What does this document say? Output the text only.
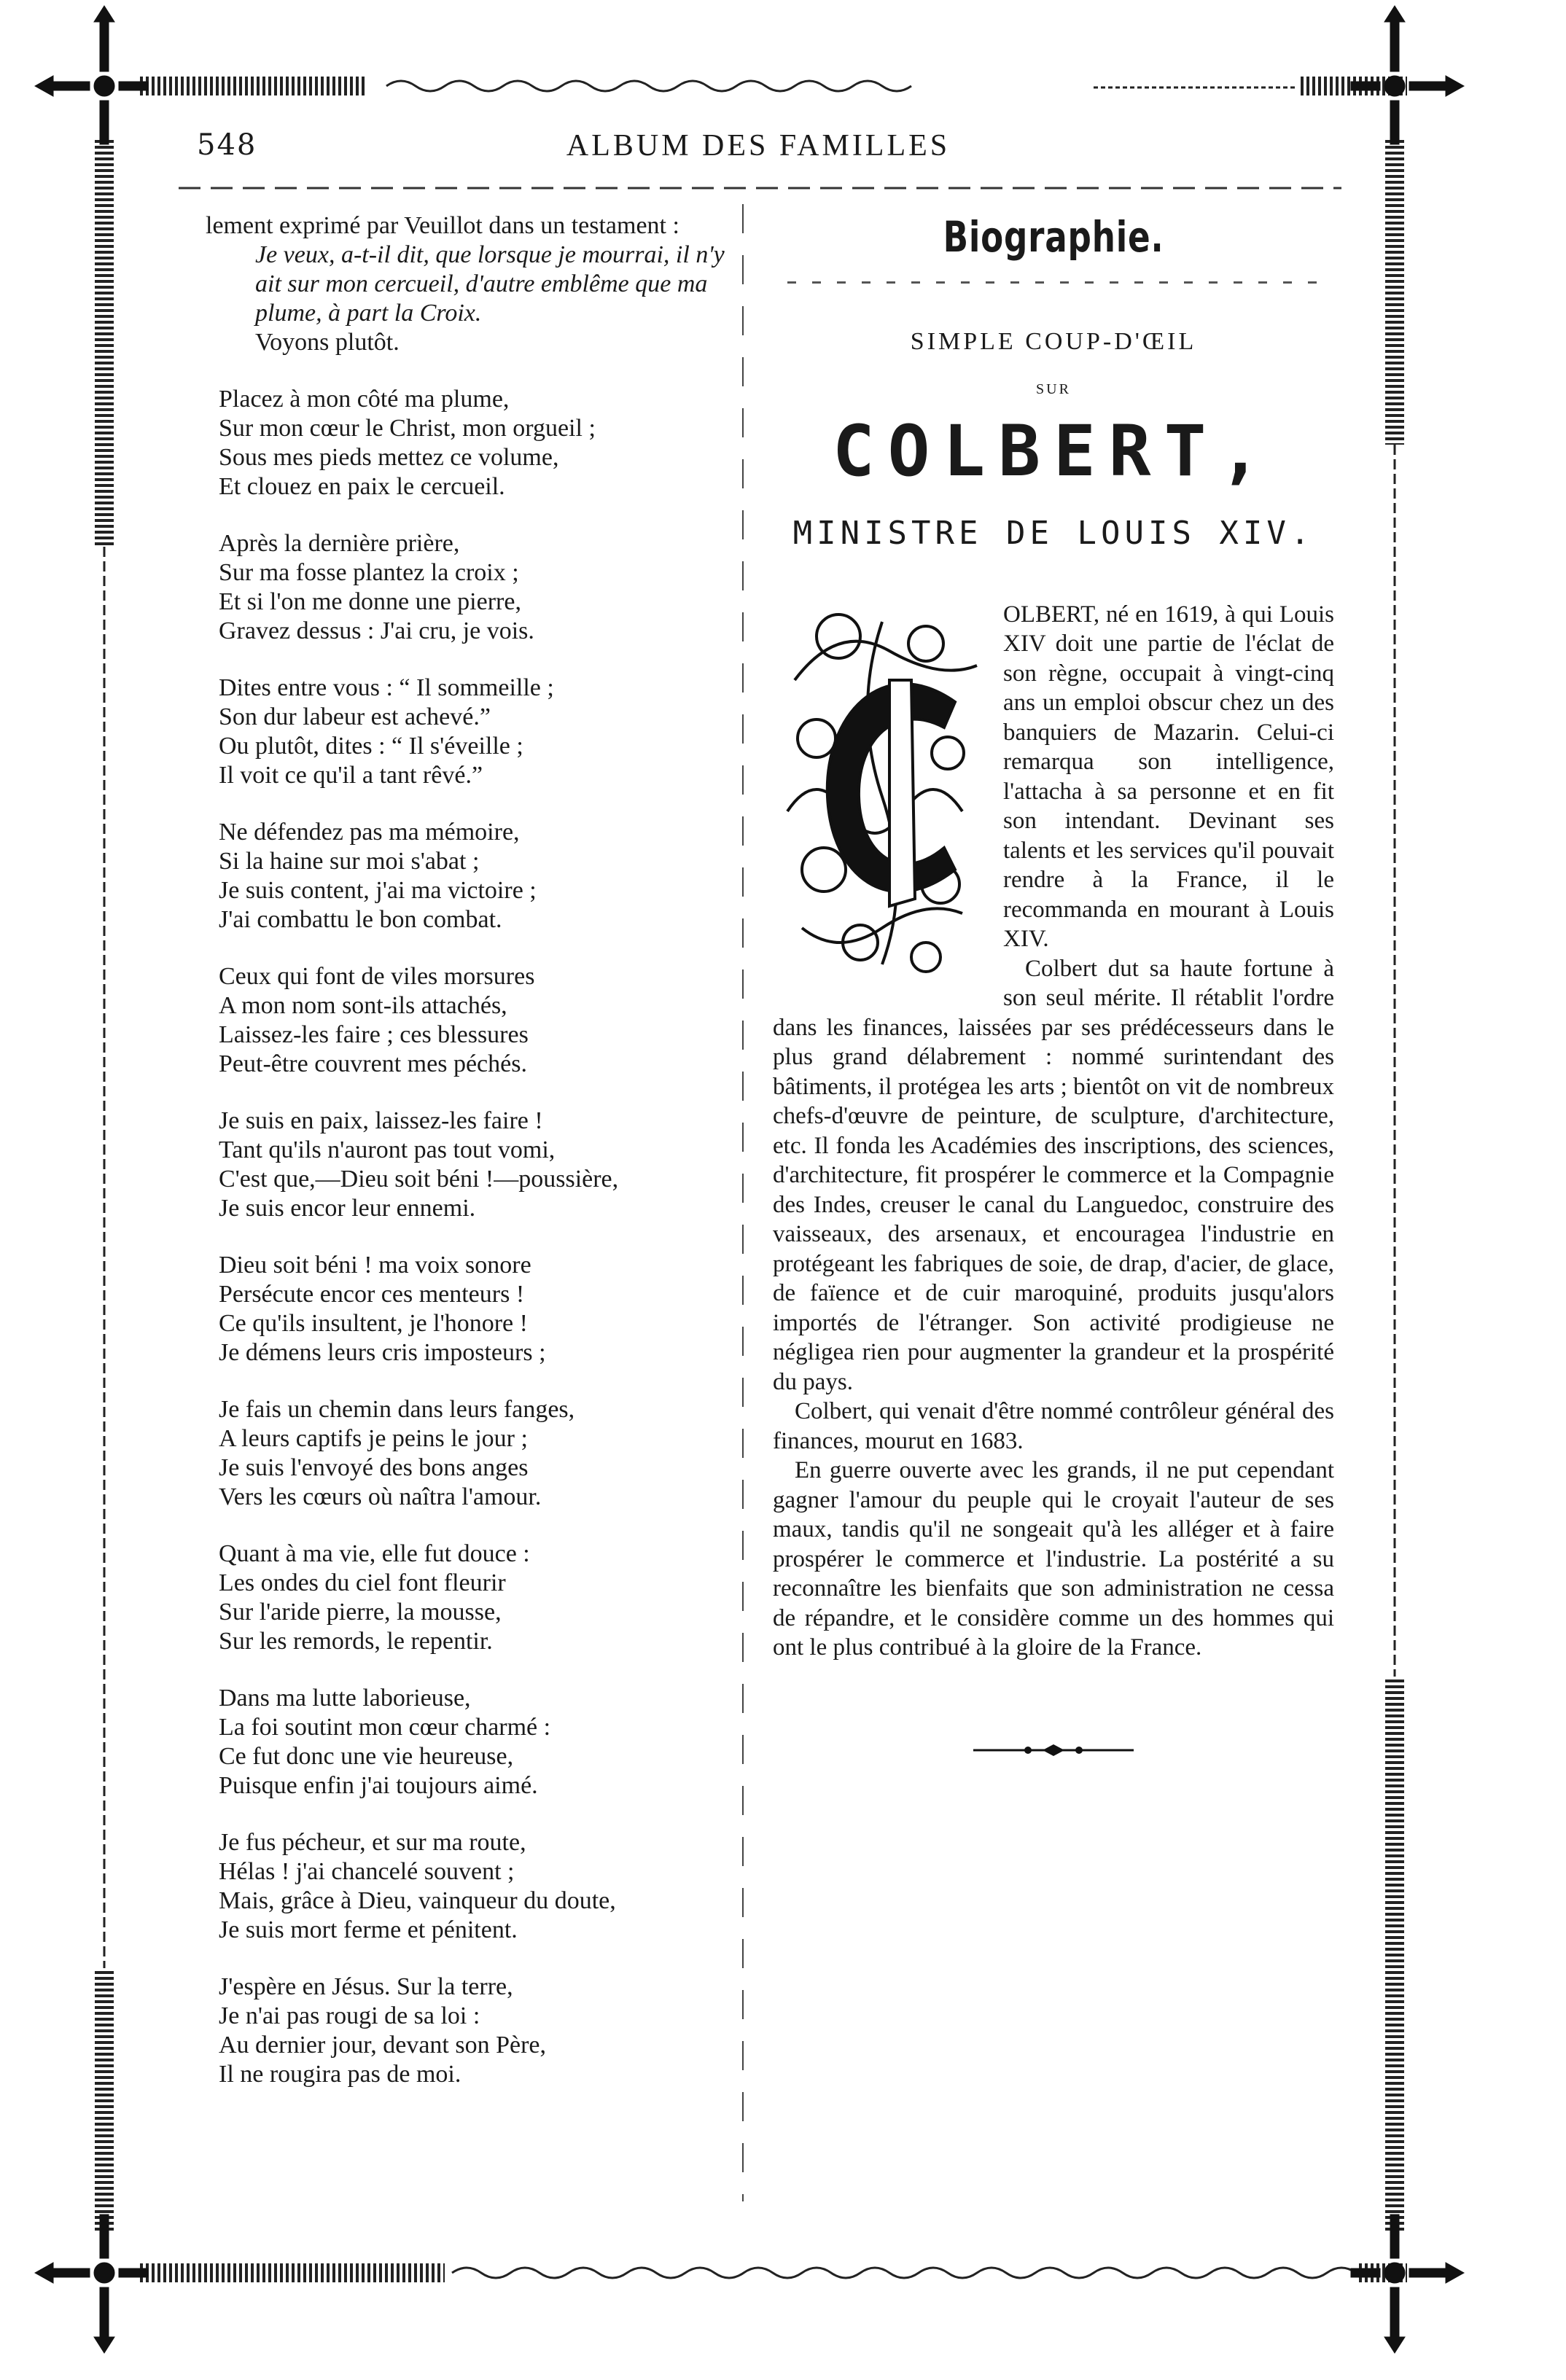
548	ALBUM DES FAMILLES

lement exprimé par Veuillot dans un testament :

Je veux, a-t-il dit, que lorsque je mourrai, il n'y ait sur mon cercueil, d'autre emblême que ma plume, à part la Croix.

Voyons plutôt.

Placez à mon côté ma plume,
Sur mon cœur le Christ, mon orgueil ;
Sous mes pieds mettez ce volume,
Et clouez en paix le cercueil.
Après la dernière prière,
Sur ma fosse plantez la croix ;
Et si l'on me donne une pierre,
Gravez dessus : J'ai cru, je vois.
Dites entre vous : “ Il sommeille ;
Son dur labeur est achevé.”
Ou plutôt, dites : “ Il s'éveille ;
Il voit ce qu'il a tant rêvé.”
Ne défendez pas ma mémoire,
Si la haine sur moi s'abat ;
Je suis content, j'ai ma victoire ;
J'ai combattu le bon combat.
Ceux qui font de viles morsures
A mon nom sont-ils attachés,
Laissez-les faire ; ces blessures
Peut-être couvrent mes péchés.
Je suis en paix, laissez-les faire !
Tant qu'ils n'auront pas tout vomi,
C'est que,—Dieu soit béni !—poussière,
Je suis encor leur ennemi.
Dieu soit béni ! ma voix sonore
Persécute encor ces menteurs !
Ce qu'ils insultent, je l'honore !
Je démens leurs cris imposteurs ;
Je fais un chemin dans leurs fanges,
A leurs captifs je peins le jour ;
Je suis l'envoyé des bons anges
Vers les cœurs où naîtra l'amour.
Quant à ma vie, elle fut douce :
Les ondes du ciel font fleurir
Sur l'aride pierre, la mousse,
Sur les remords, le repentir.
Dans ma lutte laborieuse,
La foi soutint mon cœur charmé :
Ce fut donc une vie heureuse,
Puisque enfin j'ai toujours aimé.
Je fus pécheur, et sur ma route,
Hélas ! j'ai chancelé souvent ;
Mais, grâce à Dieu, vainqueur du doute,
Je suis mort ferme et pénitent.
J'espère en Jésus. Sur la terre,
Je n'ai pas rougi de sa loi :
Au dernier jour, devant son Père,
Il ne rougira pas de moi.
Biographie.

SIMPLE COUP-D'ŒIL

SUR

COLBERT,

MINISTRE DE LOUIS XIV.

OLBERT, né en 1619, à qui Louis XIV doit une partie de l'éclat de son règne, occupait à vingt-cinq ans un emploi obscur chez un des banquiers de Mazarin. Celui-ci remarqua son intelligence, l'attacha à sa personne et en fit son intendant. Devinant ses talents et les services qu'il pouvait rendre à la France, il le recommanda en mourant à Louis XIV.

Colbert dut sa haute fortune à son seul mérite. Il rétablit l'ordre dans les finances, laissées par ses prédécesseurs dans le plus grand délabrement : nommé surintendant des bâtiments, il protégea les arts ; bientôt on vit de nombreux chefs-d'œuvre de peinture, de sculpture, d'architecture, etc. Il fonda les Académies des inscriptions, des sciences, d'architecture, fit prospérer le commerce et la Compagnie des Indes, creuser le canal du Languedoc, construire des vaisseaux, des arsenaux, et encouragea l'industrie en protégeant les fabriques de soie, de drap, d'acier, de glace, de faïence et de cuir maroquiné, produits jusqu'alors importés de l'étranger. Son activité prodigieuse ne négligea rien pour augmenter la grandeur et la prospérité du pays.

Colbert, qui venait d'être nommé contrôleur général des finances, mourut en 1683.

En guerre ouverte avec les grands, il ne put cependant gagner l'amour du peuple qui le croyait l'auteur de ses maux, tandis qu'il ne songeait qu'à les alléger et à faire prospérer le commerce et l'industrie. La postérité a su reconnaître les bienfaits que son administration ne cessa de répandre, et le considère comme un des hommes qui ont le plus contribué à la gloire de la France.
